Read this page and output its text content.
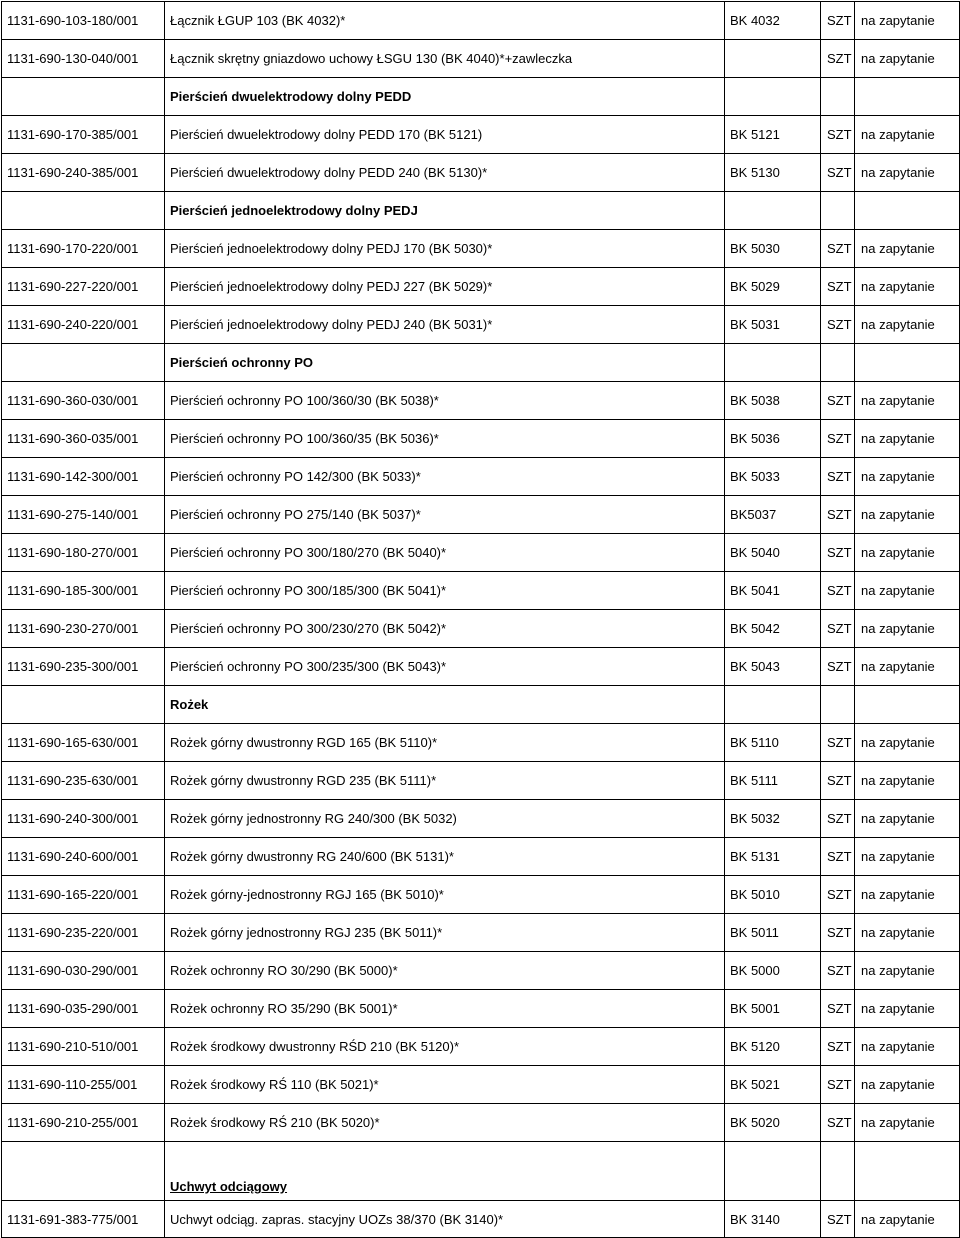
1131-690-103-180/001	Łącznik ŁGUP 103 (BK 4032)*	BK 4032	SZT	na zapytanie
1131-690-130-040/001	Łącznik skrętny gniazdowo uchowy ŁSGU 130 (BK 4040)*+zawleczka		SZT	na zapytanie
	Pierścień dwuelektrodowy dolny PEDD			
1131-690-170-385/001	Pierścień dwuelektrodowy dolny PEDD 170 (BK 5121)	BK 5121	SZT	na zapytanie
1131-690-240-385/001	Pierścień dwuelektrodowy dolny PEDD 240 (BK 5130)*	BK 5130	SZT	na zapytanie
	Pierścień jednoelektrodowy dolny PEDJ			
1131-690-170-220/001	Pierścień jednoelektrodowy dolny PEDJ 170 (BK 5030)*	BK 5030	SZT	na zapytanie
1131-690-227-220/001	Pierścień jednoelektrodowy dolny PEDJ 227 (BK 5029)*	BK 5029	SZT	na zapytanie
1131-690-240-220/001	Pierścień jednoelektrodowy dolny PEDJ 240 (BK 5031)*	BK 5031	SZT	na zapytanie
	Pierścień ochronny PO			
1131-690-360-030/001	Pierścień ochronny PO 100/360/30 (BK 5038)*	BK 5038	SZT	na zapytanie
1131-690-360-035/001	Pierścień ochronny PO 100/360/35 (BK 5036)*	BK 5036	SZT	na zapytanie
1131-690-142-300/001	Pierścień ochronny PO 142/300 (BK 5033)*	BK 5033	SZT	na zapytanie
1131-690-275-140/001	Pierścień ochronny PO 275/140 (BK 5037)*	BK5037	SZT	na zapytanie
1131-690-180-270/001	Pierścień ochronny PO 300/180/270 (BK 5040)*	BK 5040	SZT	na zapytanie
1131-690-185-300/001	Pierścień ochronny PO 300/185/300 (BK 5041)*	BK 5041	SZT	na zapytanie
1131-690-230-270/001	Pierścień ochronny PO 300/230/270 (BK 5042)*	BK 5042	SZT	na zapytanie
1131-690-235-300/001	Pierścień ochronny PO 300/235/300 (BK 5043)*	BK 5043	SZT	na zapytanie
	Rożek			
1131-690-165-630/001	Rożek górny dwustronny RGD 165 (BK 5110)*	BK 5110	SZT	na zapytanie
1131-690-235-630/001	Rożek górny dwustronny RGD 235 (BK 5111)*	BK 5111	SZT	na zapytanie
1131-690-240-300/001	Rożek górny jednostronny RG 240/300 (BK 5032)	BK 5032	SZT	na zapytanie
1131-690-240-600/001	Rożek górny dwustronny RG 240/600 (BK 5131)*	BK 5131	SZT	na zapytanie
1131-690-165-220/001	Rożek górny-jednostronny RGJ 165 (BK 5010)*	BK 5010	SZT	na zapytanie
1131-690-235-220/001	Rożek górny jednostronny RGJ 235 (BK 5011)*	BK 5011	SZT	na zapytanie
1131-690-030-290/001	Rożek ochronny RO 30/290 (BK 5000)*	BK 5000	SZT	na zapytanie
1131-690-035-290/001	Rożek ochronny RO 35/290 (BK 5001)*	BK 5001	SZT	na zapytanie
1131-690-210-510/001	Rożek środkowy dwustronny RŚD 210 (BK 5120)*	BK 5120	SZT	na zapytanie
1131-690-110-255/001	Rożek środkowy RŚ 110 (BK 5021)*	BK 5021	SZT	na zapytanie
1131-690-210-255/001	Rożek środkowy RŚ 210 (BK 5020)*	BK 5020	SZT	na zapytanie
	Uchwyt odciągowy			
1131-691-383-775/001	Uchwyt odciąg. zapras. stacyjny UOZs 38/370 (BK 3140)*	BK 3140	SZT	na zapytanie
